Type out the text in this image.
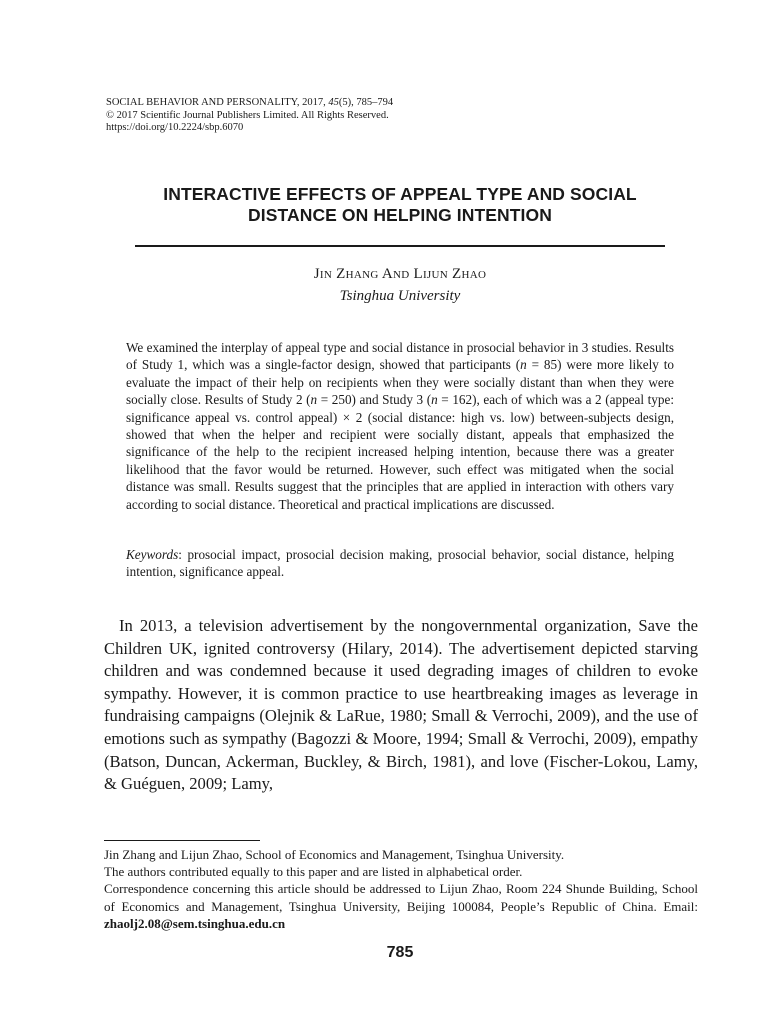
SOCIAL BEHAVIOR AND PERSONALITY, 2017, 45(5), 785–794
© 2017 Scientific Journal Publishers Limited. All Rights Reserved.
https://doi.org/10.2224/sbp.6070
INTERACTIVE EFFECTS OF APPEAL TYPE AND SOCIAL
DISTANCE ON HELPING INTENTION
Jin Zhang And Lijun Zhao
Tsinghua University
We examined the interplay of appeal type and social distance in prosocial behavior in 3 studies. Results of Study 1, which was a single-factor design, showed that participants (n = 85) were more likely to evaluate the impact of their help on recipients when they were socially distant than when they were socially close. Results of Study 2 (n = 250) and Study 3 (n = 162), each of which was a 2 (appeal type: significance appeal vs. control appeal) × 2 (social distance: high vs. low) between-subjects design, showed that when the helper and recipient were socially distant, appeals that emphasized the significance of the help to the recipient increased helping intention, because there was a greater likelihood that the favor would be returned. However, such effect was mitigated when the social distance was small. Results suggest that the principles that are applied in interaction with others vary according to social distance. Theoretical and practical implications are discussed.
Keywords: prosocial impact, prosocial decision making, prosocial behavior, social distance, helping intention, significance appeal.
In 2013, a television advertisement by the nongovernmental organization, Save the Children UK, ignited controversy (Hilary, 2014). The advertisement depicted starving children and was condemned because it used degrading images of children to evoke sympathy. However, it is common practice to use heartbreaking images as leverage in fundraising campaigns (Olejnik & LaRue, 1980; Small & Verrochi, 2009), and the use of emotions such as sympathy (Bagozzi & Moore, 1994; Small & Verrochi, 2009), empathy (Batson, Duncan, Ackerman, Buckley, & Birch, 1981), and love (Fischer-Lokou, Lamy, & Guéguen, 2009; Lamy,

Jin Zhang and Lijun Zhao, School of Economics and Management, Tsinghua University.

The authors contributed equally to this paper and are listed in alphabetical order.

Correspondence concerning this article should be addressed to Lijun Zhao, Room 224 Shunde Building, School of Economics and Management, Tsinghua University, Beijing 100084, People’s Republic of China. Email: zhaolj2.08@sem.tsinghua.edu.cn

785
